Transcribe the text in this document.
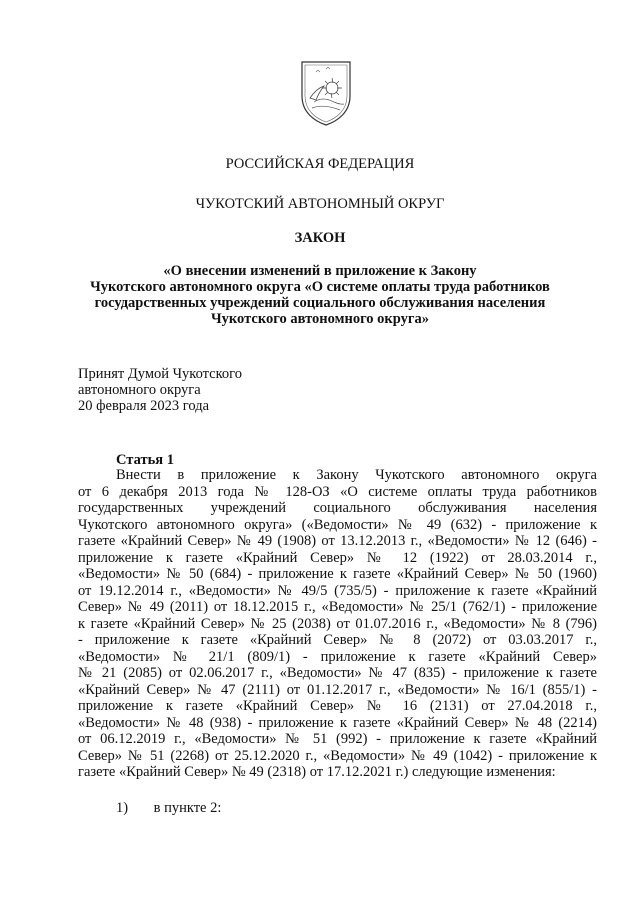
РОССИЙСКАЯ ФЕДЕРАЦИЯ
ЧУКОТСКИЙ АВТОНОМНЫЙ ОКРУГ
ЗАКОН
«О внесении изменений в приложение к Закону
Чукотского автономного округа «О системе оплаты труда работников
государственных учреждений социального обслуживания населения
Чукотского автономного округа»
Принят Думой Чукотского
автономного округа
20 февраля 2023 года
Статья 1
Внести в приложение к Закону Чукотского автономного округа
от 6 декабря 2013 года № 128-ОЗ «О системе оплаты труда работников
государственных учреждений социального обслуживания населения
Чукотского автономного округа» («Ведомости» № 49 (632) - приложение к
газете «Крайний Север» № 49 (1908) от 13.12.2013 г., «Ведомости» № 12 (646) -
приложение к газете «Крайний Север» № 12 (1922) от 28.03.2014 г.,
«Ведомости» № 50 (684) - приложение к газете «Крайний Север» № 50 (1960)
от 19.12.2014 г., «Ведомости» № 49/5 (735/5) - приложение к газете «Крайний
Север» № 49 (2011) от 18.12.2015 г., «Ведомости» № 25/1 (762/1) - приложение
к газете «Крайний Север» № 25 (2038) от 01.07.2016 г., «Ведомости» № 8 (796)
- приложение к газете «Крайний Север» № 8 (2072) от 03.03.2017 г.,
«Ведомости» № 21/1 (809/1) - приложение к газете «Крайний Север»
№ 21 (2085) от 02.06.2017 г., «Ведомости» № 47 (835) - приложение к газете
«Крайний Север» № 47 (2111) от 01.12.2017 г., «Ведомости» № 16/1 (855/1) -
приложение к газете «Крайний Север» № 16 (2131) от 27.04.2018 г.,
«Ведомости» № 48 (938) - приложение к газете «Крайний Север» № 48 (2214)
от 06.12.2019 г., «Ведомости» № 51 (992) - приложение к газете «Крайний
Север» № 51 (2268) от 25.12.2020 г., «Ведомости» № 49 (1042) - приложение к
газете «Крайний Север» № 49 (2318) от 17.12.2021 г.) следующие изменения:
1) в пункте 2:
